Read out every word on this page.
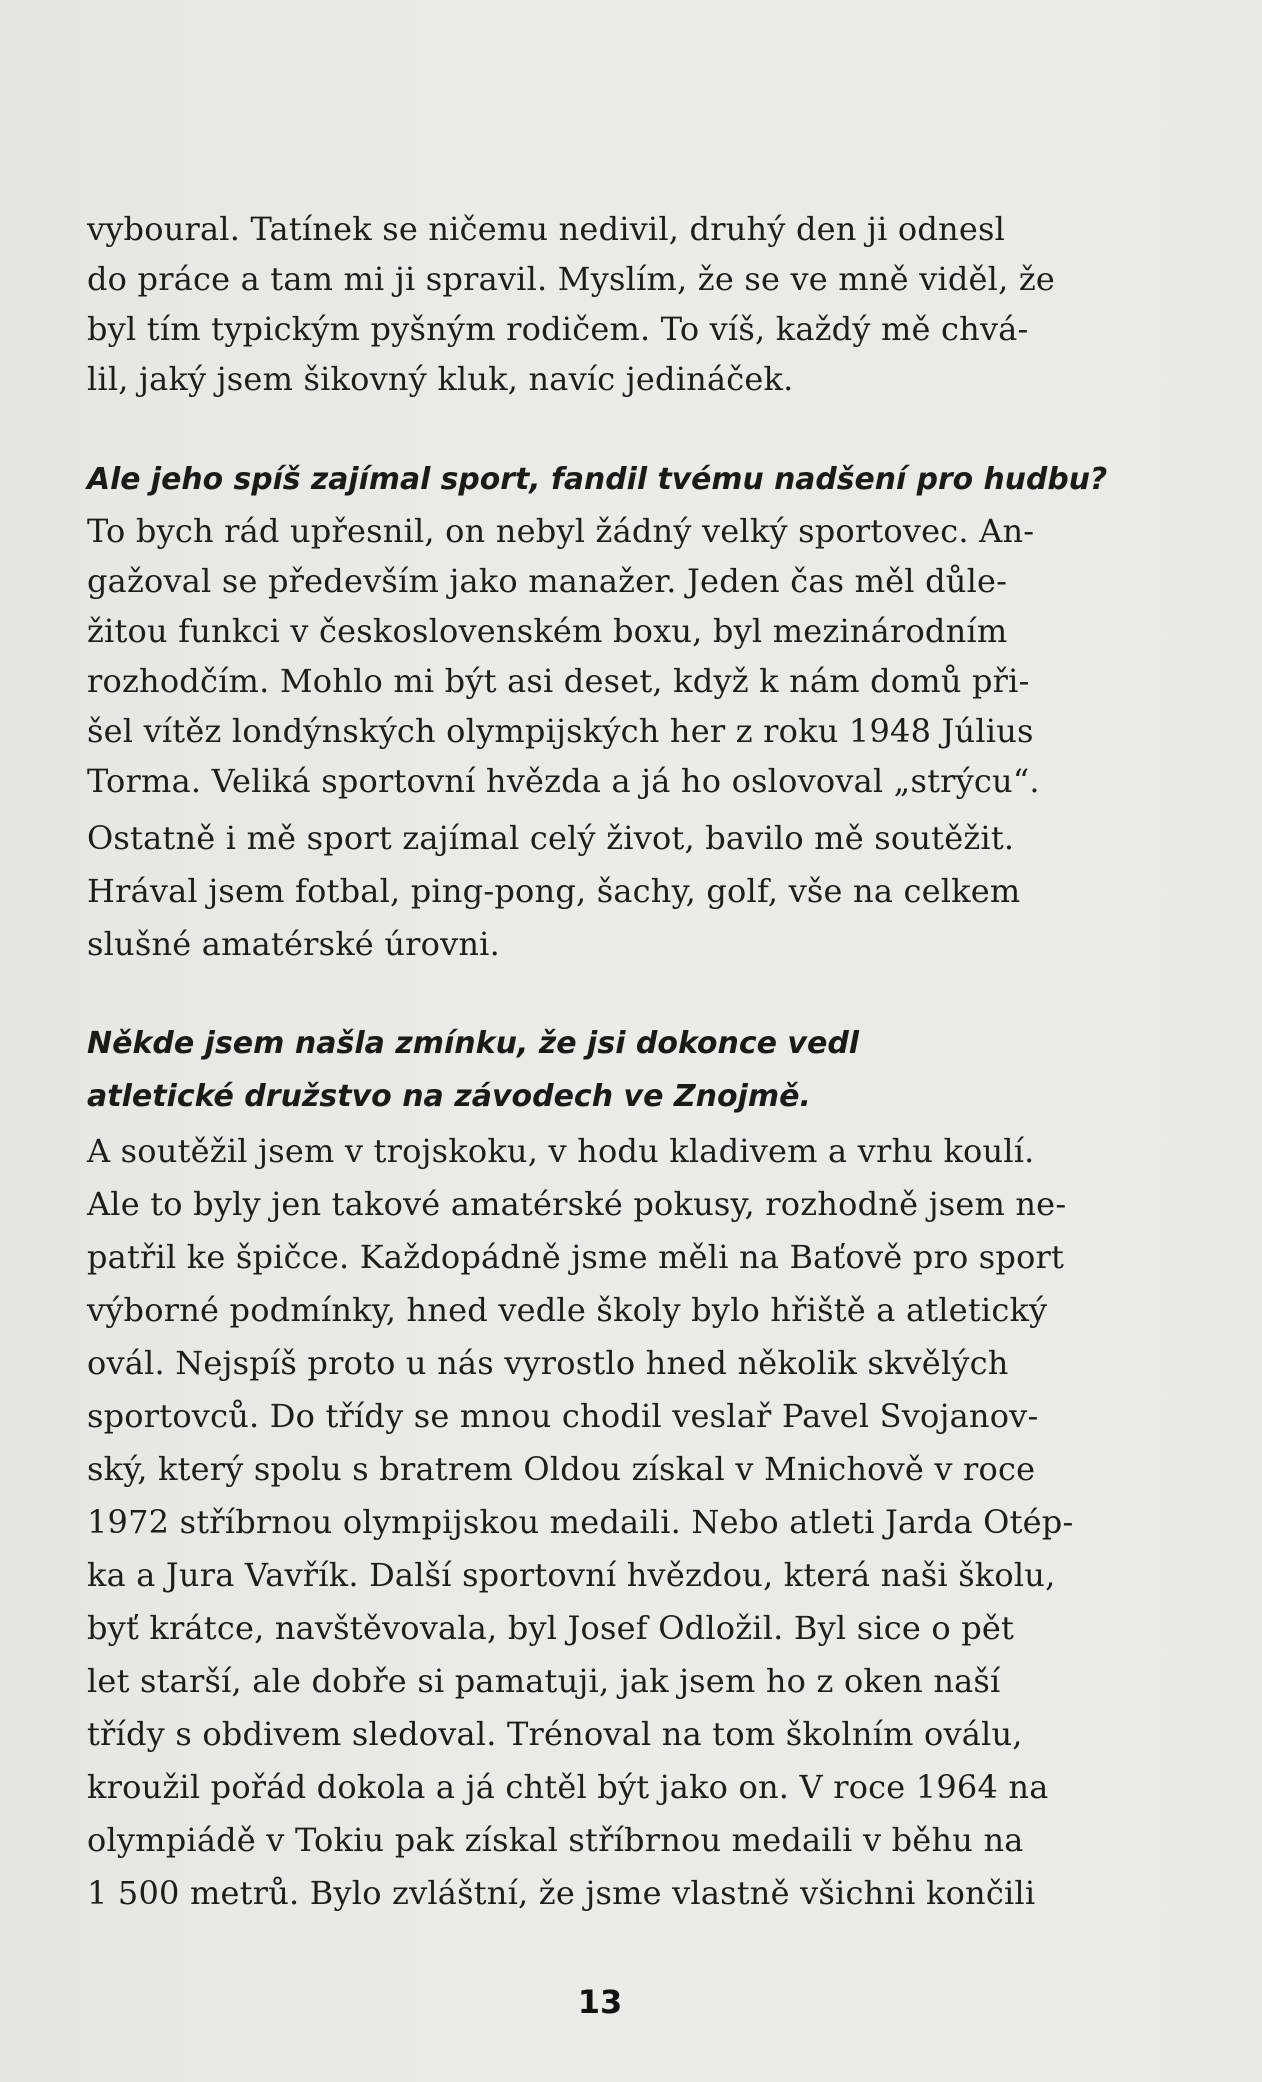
vyboural. Tatínek se ničemu nedivil, druhý den ji odnesl

do práce a tam mi ji spravil. Myslím, že se ve mně viděl, že

byl tím typickým pyšným rodičem. To víš, každý mě chvá-

lil, jaký jsem šikovný kluk, navíc jedináček.

Ale jeho spíš zajímal sport, fandil tvému nadšení pro hudbu?

To bych rád upřesnil, on nebyl žádný velký sportovec. An-

gažoval se především jako manažer. Jeden čas měl důle-

žitou funkci v československém boxu, byl mezinárodním

rozhodčím. Mohlo mi být asi deset, když k nám domů při-

šel vítěz londýnských olympijských her z roku 1948 Július

Torma. Veliká sportovní hvězda a já ho oslovoval „strýcu“.

Ostatně i mě sport zajímal celý život, bavilo mě soutěžit.

Hrával jsem fotbal, ping-pong, šachy, golf, vše na celkem

slušné amatérské úrovni.

Někde jsem našla zmínku, že jsi dokonce vedl

atletické družstvo na závodech ve Znojmě.

A soutěžil jsem v trojskoku, v hodu kladivem a vrhu koulí.

Ale to byly jen takové amatérské pokusy, rozhodně jsem ne-

patřil ke špičce. Každopádně jsme měli na Baťově pro sport

výborné podmínky, hned vedle školy bylo hřiště a atletický

ovál. Nejspíš proto u nás vyrostlo hned několik skvělých

sportovců. Do třídy se mnou chodil veslař Pavel Svojanov-

ský, který spolu s bratrem Oldou získal v Mnichově v roce

1972 stříbrnou olympijskou medaili. Nebo atleti Jarda Otép-

ka a Jura Vavřík. Další sportovní hvězdou, která naši školu,

byť krátce, navštěvovala, byl Josef Odložil. Byl sice o pět

let starší, ale dobře si pamatuji, jak jsem ho z oken naší

třídy s obdivem sledoval. Trénoval na tom školním oválu,

kroužil pořád dokola a já chtěl být jako on. V roce 1964 na

olympiádě v Tokiu pak získal stříbrnou medaili v běhu na

1 500 metrů. Bylo zvláštní, že jsme vlastně všichni končili

13
